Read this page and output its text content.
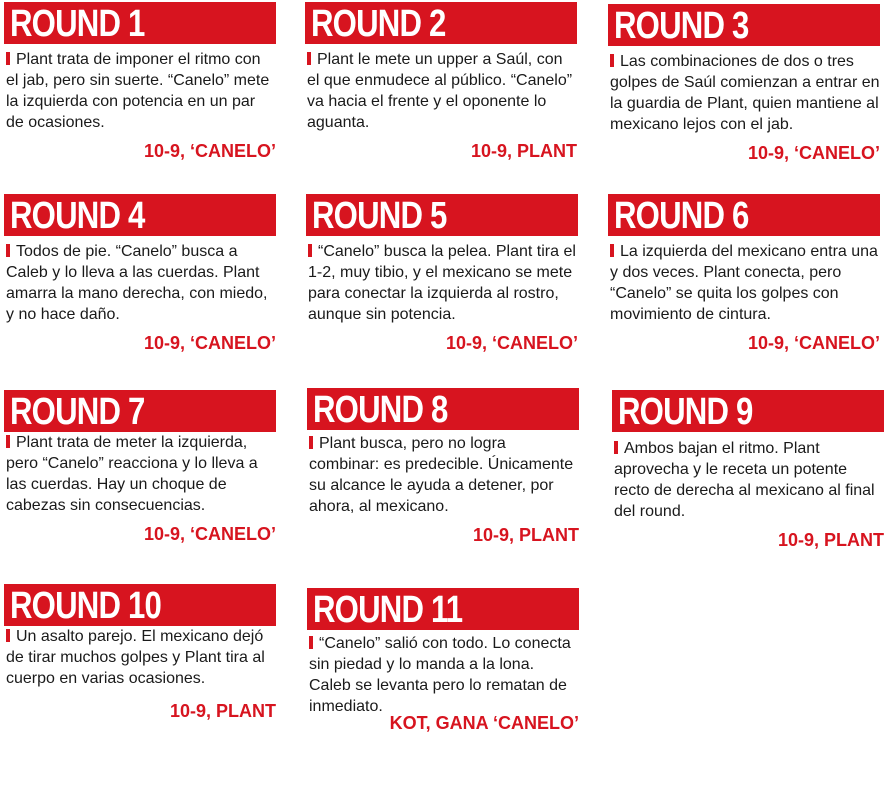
ROUND 1
Plant trata de imponer el ritmo con el jab, pero sin suerte. “Canelo” mete la izquierda con potencia en un par de ocasiones.
10-9, ‘CANELO’
ROUND 2
Plant le mete un upper a Saúl, con el que enmudece al público. “Canelo” va hacia el frente y el oponente lo aguanta.
10-9, PLANT
ROUND 3
Las combinaciones de dos o tres golpes de Saúl comienzan a entrar en la guardia de Plant, quien mantiene al mexicano lejos con el jab.
10-9, ‘CANELO’
ROUND 4
Todos de pie. “Canelo” busca a Caleb y lo lleva a las cuerdas. Plant amarra la mano derecha, con miedo, y no hace daño.
10-9, ‘CANELO’
ROUND 5
“Canelo” busca la pelea. Plant tira el 1-2, muy tibio, y el mexicano se mete para conectar la izquierda al rostro, aunque sin potencia.
10-9, ‘CANELO’
ROUND 6
La izquierda del mexicano entra una y dos veces. Plant conecta, pero “Canelo” se quita los golpes con movimiento de cintura.
10-9, ‘CANELO’
ROUND 7
Plant trata de meter la izquierda, pero “Canelo” reacciona y lo lleva a las cuerdas. Hay un choque de cabezas sin consecuencias.
10-9, ‘CANELO’
ROUND 8
Plant busca, pero no logra combinar: es predecible. Únicamente su alcance le ayuda a detener, por ahora, al mexicano.
10-9, PLANT
ROUND 9
Ambos bajan el ritmo. Plant aprovecha y le receta un potente recto de derecha al mexicano al final del round.
10-9, PLANT
ROUND 10
Un asalto parejo. El mexicano dejó de tirar muchos golpes y Plant tira al cuerpo en varias ocasiones.
10-9, PLANT
ROUND 11
“Canelo” salió con todo. Lo conecta sin piedad y lo manda a la lona. Caleb se levanta pero lo rematan de inmediato.
KOT, GANA ‘CANELO’
